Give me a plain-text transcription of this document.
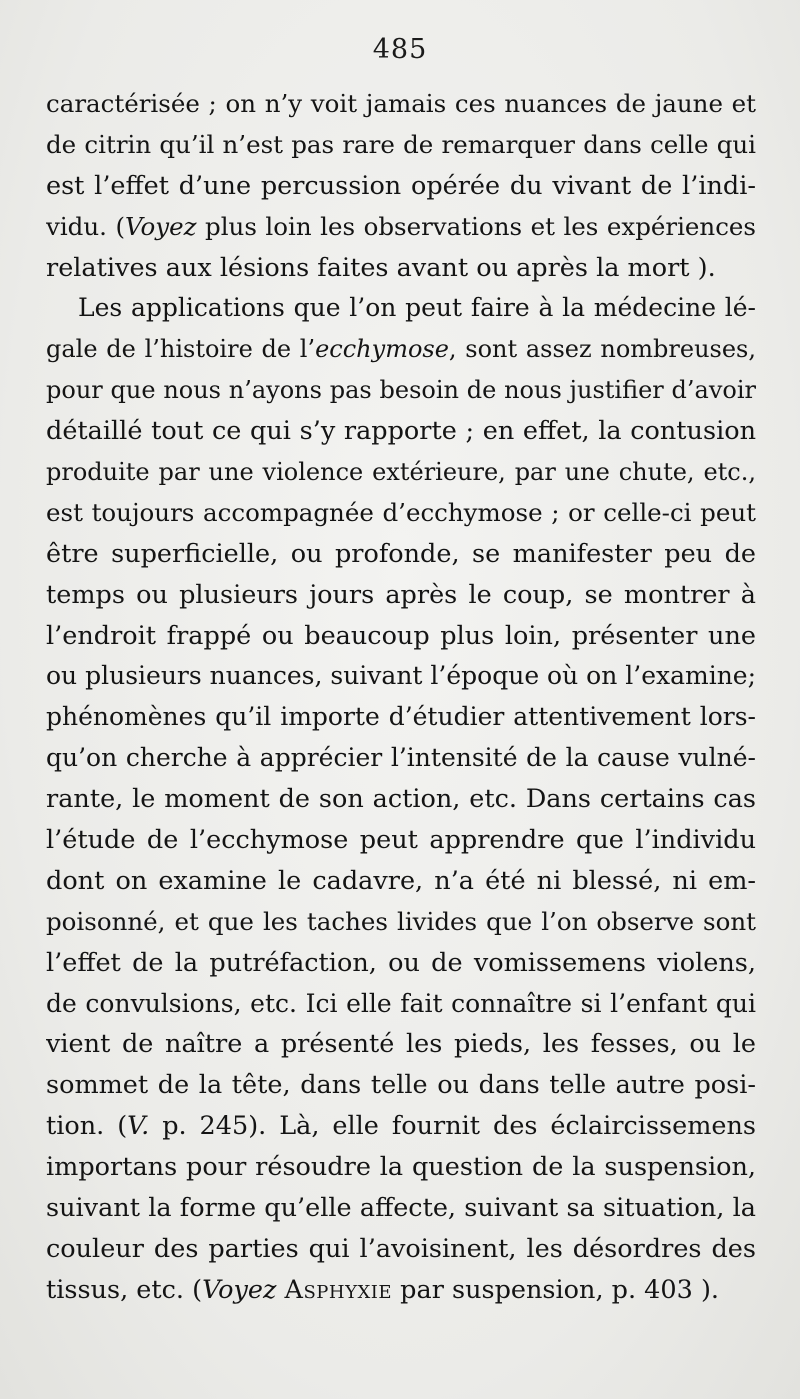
485
caractérisée ; on n’y voit jamais ces nuances de jaune et
de citrin qu’il n’est pas rare de remarquer dans celle qui
est l’effet d’une percussion opérée du vivant de l’indi-
vidu. (Voyez plus loin les observations et les expériences
relatives aux lésions faites avant ou après la mort ).
Les applications que l’on peut faire à la médecine lé-
gale de l’histoire de l’ecchymose, sont assez nombreuses,
pour que nous n’ayons pas besoin de nous justifier d’avoir
détaillé tout ce qui s’y rapporte ; en effet, la contusion
produite par une violence extérieure, par une chute, etc.,
est toujours accompagnée d’ecchymose ; or celle-ci peut
être superficielle, ou profonde, se manifester peu de
temps ou plusieurs jours après le coup, se montrer à
l’endroit frappé ou beaucoup plus loin, présenter une
ou plusieurs nuances, suivant l’époque où on l’examine;
phénomènes qu’il importe d’étudier attentivement lors-
qu’on cherche à apprécier l’intensité de la cause vulné-
rante, le moment de son action, etc. Dans certains cas
l’étude de l’ecchymose peut apprendre que l’individu
dont on examine le cadavre, n’a été ni blessé, ni em-
poisonné, et que les taches livides que l’on observe sont
l’effet de la putréfaction, ou de vomissemens violens,
de convulsions, etc. Ici elle fait connaître si l’enfant qui
vient de naître a présenté les pieds, les fesses, ou le
sommet de la tête, dans telle ou dans telle autre posi-
tion. (V. p. 245). Là, elle fournit des éclaircissemens
importans pour résoudre la question de la suspension,
suivant la forme qu’elle affecte, suivant sa situation, la
couleur des parties qui l’avoisinent, les désordres des
tissus, etc. (Voyez Asphyxie par suspension, p. 403 ).
